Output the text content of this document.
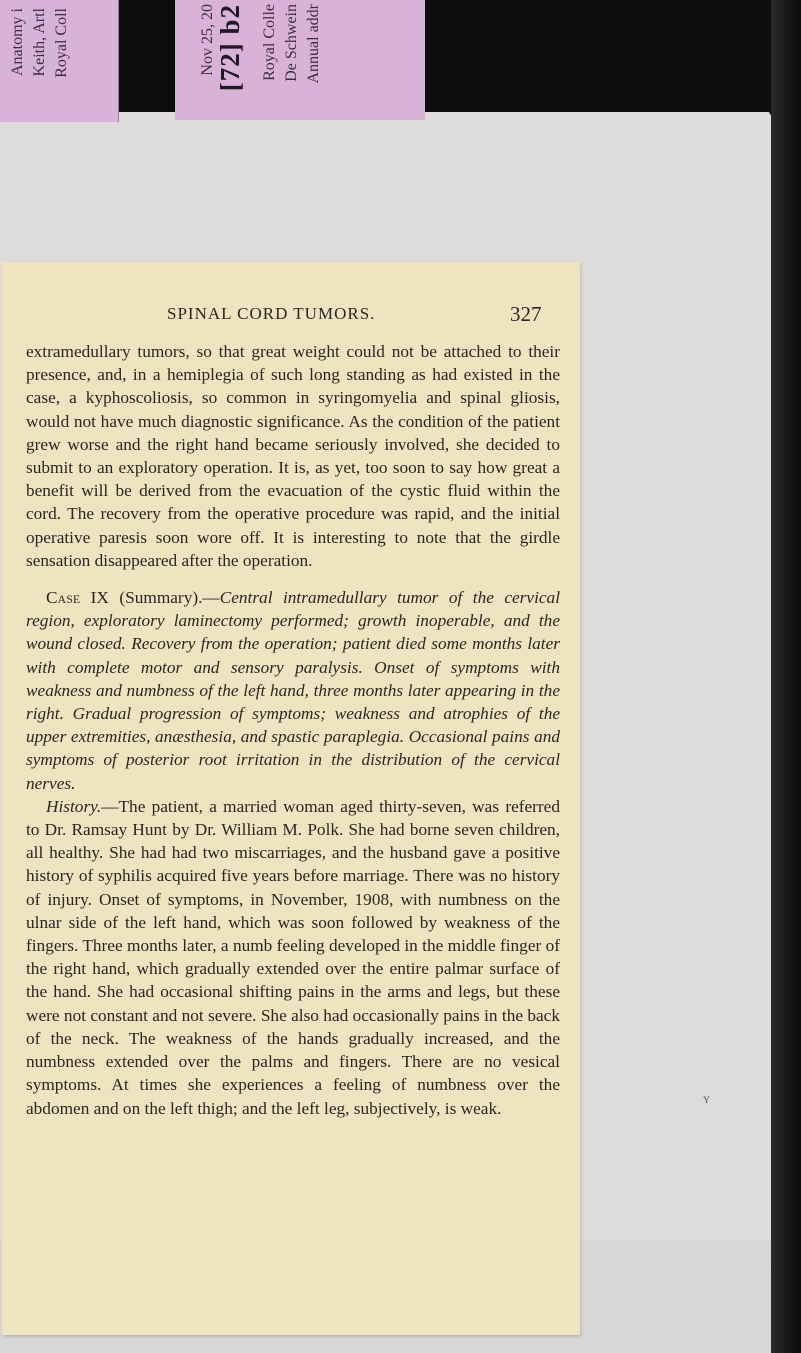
Anatomy i Keith, Artl Royal Coll	Nov 25, 20 [72] b2 Royal Colle De Schwein Annual addr
SPINAL CORD TUMORS.	327

extramedullary tumors, so that great weight could not be attached to their presence, and, in a hemiplegia of such long standing as had existed in the case, a kyphoscoliosis, so common in syringomyelia and spinal gliosis, would not have much diagnostic significance. As the condition of the patient grew worse and the right hand became seriously involved, she decided to submit to an exploratory operation. It is, as yet, too soon to say how great a benefit will be derived from the evacuation of the cystic fluid within the cord. The recovery from the operative procedure was rapid, and the initial operative paresis soon wore off. It is interesting to note that the girdle sensation disappeared after the operation.

Case IX (Summary).—Central intramedullary tumor of the cervical region, exploratory laminectomy performed; growth inoperable, and the wound closed. Recovery from the operation; patient died some months later with complete motor and sensory paralysis. Onset of symptoms with weakness and numbness of the left hand, three months later appearing in the right. Gradual progression of symptoms; weakness and atrophies of the upper extremities, anæsthesia, and spastic paraplegia. Occasional pains and symptoms of posterior root irritation in the distribution of the cervical nerves.

History.—The patient, a married woman aged thirty-seven, was referred to Dr. Ramsay Hunt by Dr. William M. Polk. She had borne seven children, all healthy. She had had two miscarriages, and the husband gave a positive history of syphilis acquired five years before marriage. There was no history of injury. Onset of symptoms, in November, 1908, with numbness on the ulnar side of the left hand, which was soon followed by weakness of the fingers. Three months later, a numb feeling developed in the middle finger of the right hand, which gradually extended over the entire palmar surface of the hand. She had occasional shifting pains in the arms and legs, but these were not constant and not severe. She also had occasionally pains in the back of the neck. The weakness of the hands gradually increased, and the numbness extended over the palms and fingers. There are no vesical symptoms. At times she experiences a feeling of numbness over the abdomen and on the left thigh; and the left leg, subjectively, is weak.	ʏ
